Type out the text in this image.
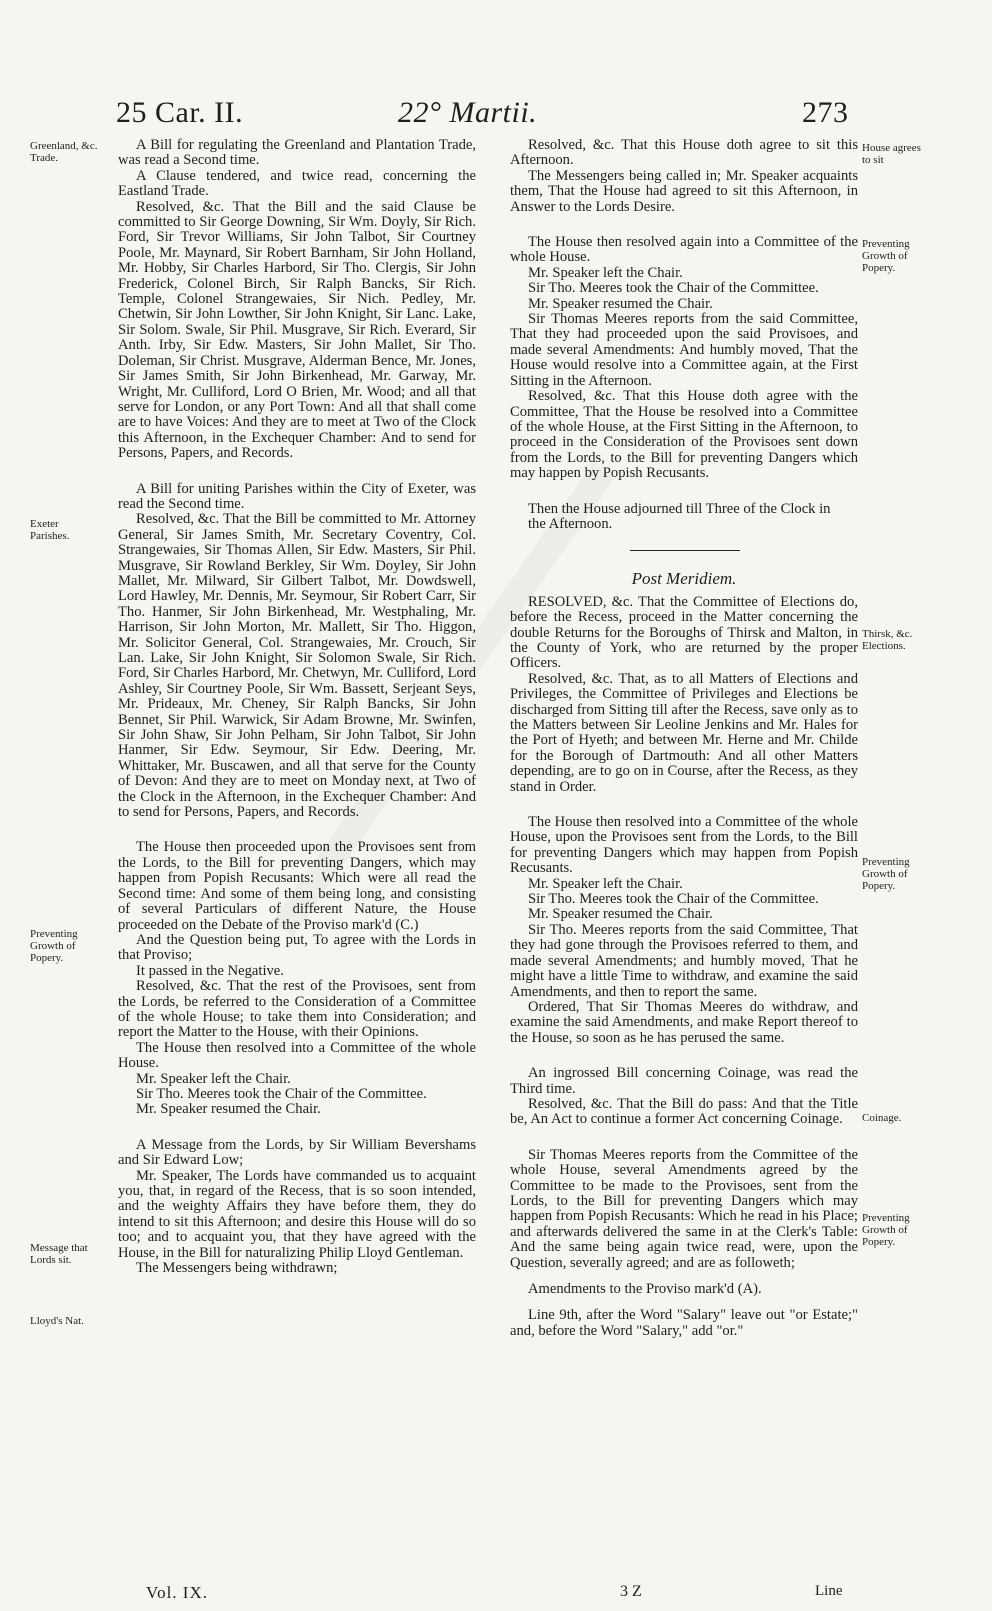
25 Car. II.	22° Martii.	273
Greenland, &c. Trade.
Exeter Parishes.
Preventing Growth of Popery.
Message that Lords sit.
Lloyd's Nat.
House agrees to sit
Preventing Growth of Popery.
Thirsk, &c. Elections.
Preventing Growth of Popery.
Coinage.
Preventing Growth of Popery.

A Bill for regulating the Greenland and Plantation Trade, was read a Second time.

A Clause tendered, and twice read, concerning the Eastland Trade.

Resolved, &c. That the Bill and the said Clause be committed to Sir George Downing, Sir Wm. Doyly, Sir Rich. Ford, Sir Trevor Williams, Sir John Talbot, Sir Courtney Poole, Mr. Maynard, Sir Robert Barnham, Sir John Holland, Mr. Hobby, Sir Charles Harbord, Sir Tho. Clergis, Sir John Frederick, Colonel Birch, Sir Ralph Bancks, Sir Rich. Temple, Colonel Strangewaies, Sir Nich. Pedley, Mr. Chetwin, Sir John Lowther, Sir John Knight, Sir Lanc. Lake, Sir Solom. Swale, Sir Phil. Musgrave, Sir Rich. Everard, Sir Anth. Irby, Sir Edw. Masters, Sir John Mallet, Sir Tho. Doleman, Sir Christ. Musgrave, Alderman Bence, Mr. Jones, Sir James Smith, Sir John Birkenhead, Mr. Garway, Mr. Wright, Mr. Culliford, Lord O Brien, Mr. Wood; and all that serve for London, or any Port Town: And all that shall come are to have Voices: And they are to meet at Two of the Clock this Afternoon, in the Exchequer Chamber: And to send for Persons, Papers, and Records.

A Bill for uniting Parishes within the City of Exeter, was read the Second time.

Resolved, &c. That the Bill be committed to Mr. Attorney General, Sir James Smith, Mr. Secretary Coventry, Col. Strangewaies, Sir Thomas Allen, Sir Edw. Masters, Sir Phil. Musgrave, Sir Rowland Berkley, Sir Wm. Doyley, Sir John Mallet, Mr. Milward, Sir Gilbert Talbot, Mr. Dowdswell, Lord Hawley, Mr. Dennis, Mr. Seymour, Sir Robert Carr, Sir Tho. Hanmer, Sir John Birkenhead, Mr. Westphaling, Mr. Harrison, Sir John Morton, Mr. Mallett, Sir Tho. Higgon, Mr. Solicitor General, Col. Strangewaies, Mr. Crouch, Sir Lan. Lake, Sir John Knight, Sir Solomon Swale, Sir Rich. Ford, Sir Charles Harbord, Mr. Chetwyn, Mr. Culliford, Lord Ashley, Sir Courtney Poole, Sir Wm. Bassett, Serjeant Seys, Mr. Prideaux, Mr. Cheney, Sir Ralph Bancks, Sir John Bennet, Sir Phil. Warwick, Sir Adam Browne, Mr. Swinfen, Sir John Shaw, Sir John Pelham, Sir John Talbot, Sir John Hanmer, Sir Edw. Seymour, Sir Edw. Deering, Mr. Whittaker, Mr. Buscawen, and all that serve for the County of Devon: And they are to meet on Monday next, at Two of the Clock in the Afternoon, in the Exchequer Chamber: And to send for Persons, Papers, and Records.

The House then proceeded upon the Provisoes sent from the Lords, to the Bill for preventing Dangers, which may happen from Popish Recusants: Which were all read the Second time: And some of them being long, and consisting of several Particulars of different Nature, the House proceeded on the Debate of the Proviso mark'd (C.)

And the Question being put, To agree with the Lords in that Proviso;

It passed in the Negative.

Resolved, &c. That the rest of the Provisoes, sent from the Lords, be referred to the Consideration of a Committee of the whole House; to take them into Consideration; and report the Matter to the House, with their Opinions.

The House then resolved into a Committee of the whole House.

Mr. Speaker left the Chair.

Sir Tho. Meeres took the Chair of the Committee.

Mr. Speaker resumed the Chair.

A Message from the Lords, by Sir William Bevershams and Sir Edward Low;

Mr. Speaker, The Lords have commanded us to acquaint you, that, in regard of the Recess, that is so soon intended, and the weighty Affairs they have before them, they do intend to sit this Afternoon; and desire this House will do so too; and to acquaint you, that they have agreed with the House, in the Bill for naturalizing Philip Lloyd Gentleman.

The Messengers being withdrawn;

Resolved, &c. That this House doth agree to sit this Afternoon.

The Messengers being called in; Mr. Speaker acquaints them, That the House had agreed to sit this Afternoon, in Answer to the Lords Desire.

The House then resolved again into a Committee of the whole House.

Mr. Speaker left the Chair.

Sir Tho. Meeres took the Chair of the Committee.

Mr. Speaker resumed the Chair.

Sir Thomas Meeres reports from the said Committee, That they had proceeded upon the said Provisoes, and made several Amendments: And humbly moved, That the House would resolve into a Committee again, at the First Sitting in the Afternoon.

Resolved, &c. That this House doth agree with the Committee, That the House be resolved into a Committee of the whole House, at the First Sitting in the Afternoon, to proceed in the Consideration of the Provisoes sent down from the Lords, to the Bill for preventing Dangers which may happen by Popish Recusants.

Then the House adjourned till Three of the Clock in the Afternoon.

Post Meridiem.

RESOLVED, &c. That the Committee of Elections do, before the Recess, proceed in the Matter concerning the double Returns for the Boroughs of Thirsk and Malton, in the County of York, who are returned by the proper Officers.

Resolved, &c. That, as to all Matters of Elections and Privileges, the Committee of Privileges and Elections be discharged from Sitting till after the Recess, save only as to the Matters between Sir Leoline Jenkins and Mr. Hales for the Port of Hyeth; and between Mr. Herne and Mr. Childe for the Borough of Dartmouth: And all other Matters depending, are to go on in Course, after the Recess, as they stand in Order.

The House then resolved into a Committee of the whole House, upon the Provisoes sent from the Lords, to the Bill for preventing Dangers which may happen from Popish Recusants.

Mr. Speaker left the Chair.

Sir Tho. Meeres took the Chair of the Committee.

Mr. Speaker resumed the Chair.

Sir Tho. Meeres reports from the said Committee, That they had gone through the Provisoes referred to them, and made several Amendments; and humbly moved, That he might have a little Time to withdraw, and examine the said Amendments, and then to report the same.

Ordered, That Sir Thomas Meeres do withdraw, and examine the said Amendments, and make Report thereof to the House, so soon as he has perused the same.

An ingrossed Bill concerning Coinage, was read the Third time.

Resolved, &c. That the Bill do pass: And that the Title be, An Act to continue a former Act concerning Coinage.

Sir Thomas Meeres reports from the Committee of the whole House, several Amendments agreed by the Committee to be made to the Provisoes, sent from the Lords, to the Bill for preventing Dangers which may happen from Popish Recusants: Which he read in his Place; and afterwards delivered the same in at the Clerk's Table: And the same being again twice read, were, upon the Question, severally agreed; and are as followeth;

Amendments to the Proviso mark'd (A).

Line 9th, after the Word "Salary" leave out "or Estate;" and, before the Word "Salary," add "or."

Vol. IX.	3 Z	Line
